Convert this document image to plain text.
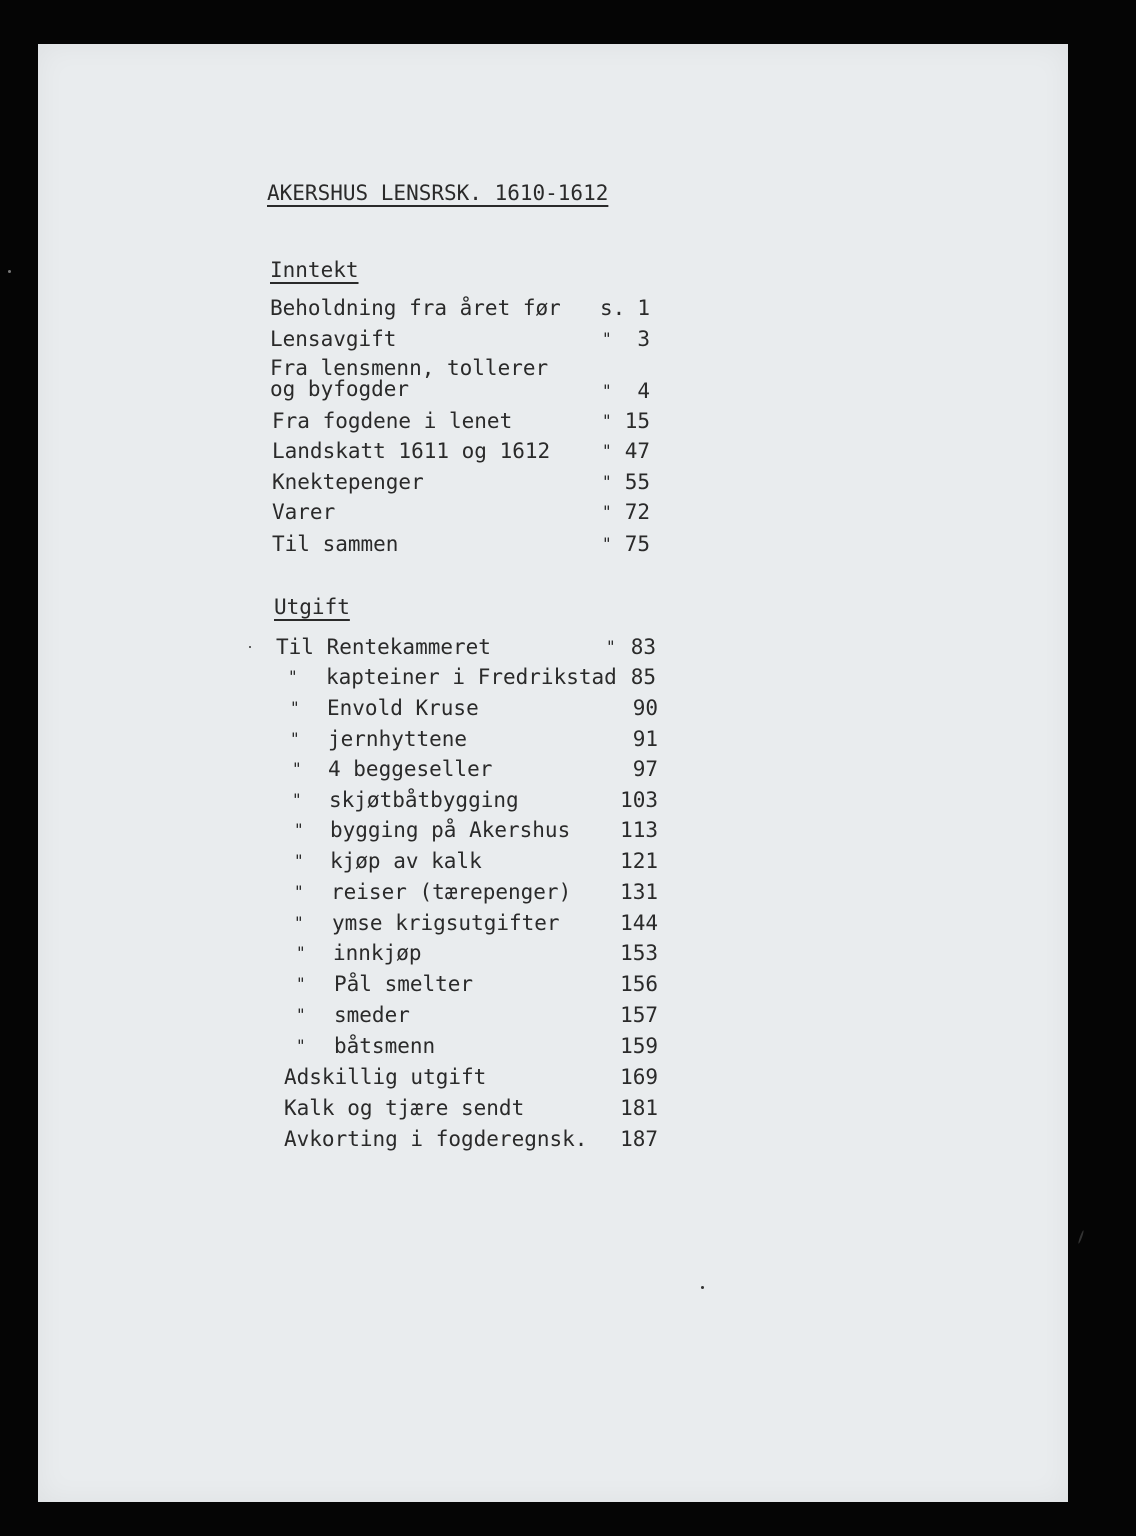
AKERSHUS LENSRSK. 1610-1612
Inntekt
Beholdning fra året før s. 1
Lensavgift	"	3
Fra lensmenn, tollerer
og byfogder	"	4
Fra fogdene i lenet	" 15
Landskatt 1611 og 1612	" 47
Knektepenger	" 55
Varer	" 72
Til sammen	" 75
Utgift
Til Rentekammeret	" 83
" kapteiner i Fredrikstad 85
" Envold Kruse	90
" jernhyttene	91
" 4 beggeseller	97
" skjøtbåtbygging	103
" bygging på Akershus	113
" kjøp av kalk	121
" reiser (tærepenger)	131
" ymse krigsutgifter	144
" innkjøp	153
" Pål smelter	156
" smeder	157
" båtsmenn	159
Adskillig utgift	169
Kalk og tjære sendt	181
Avkorting i fogderegnsk.	187
